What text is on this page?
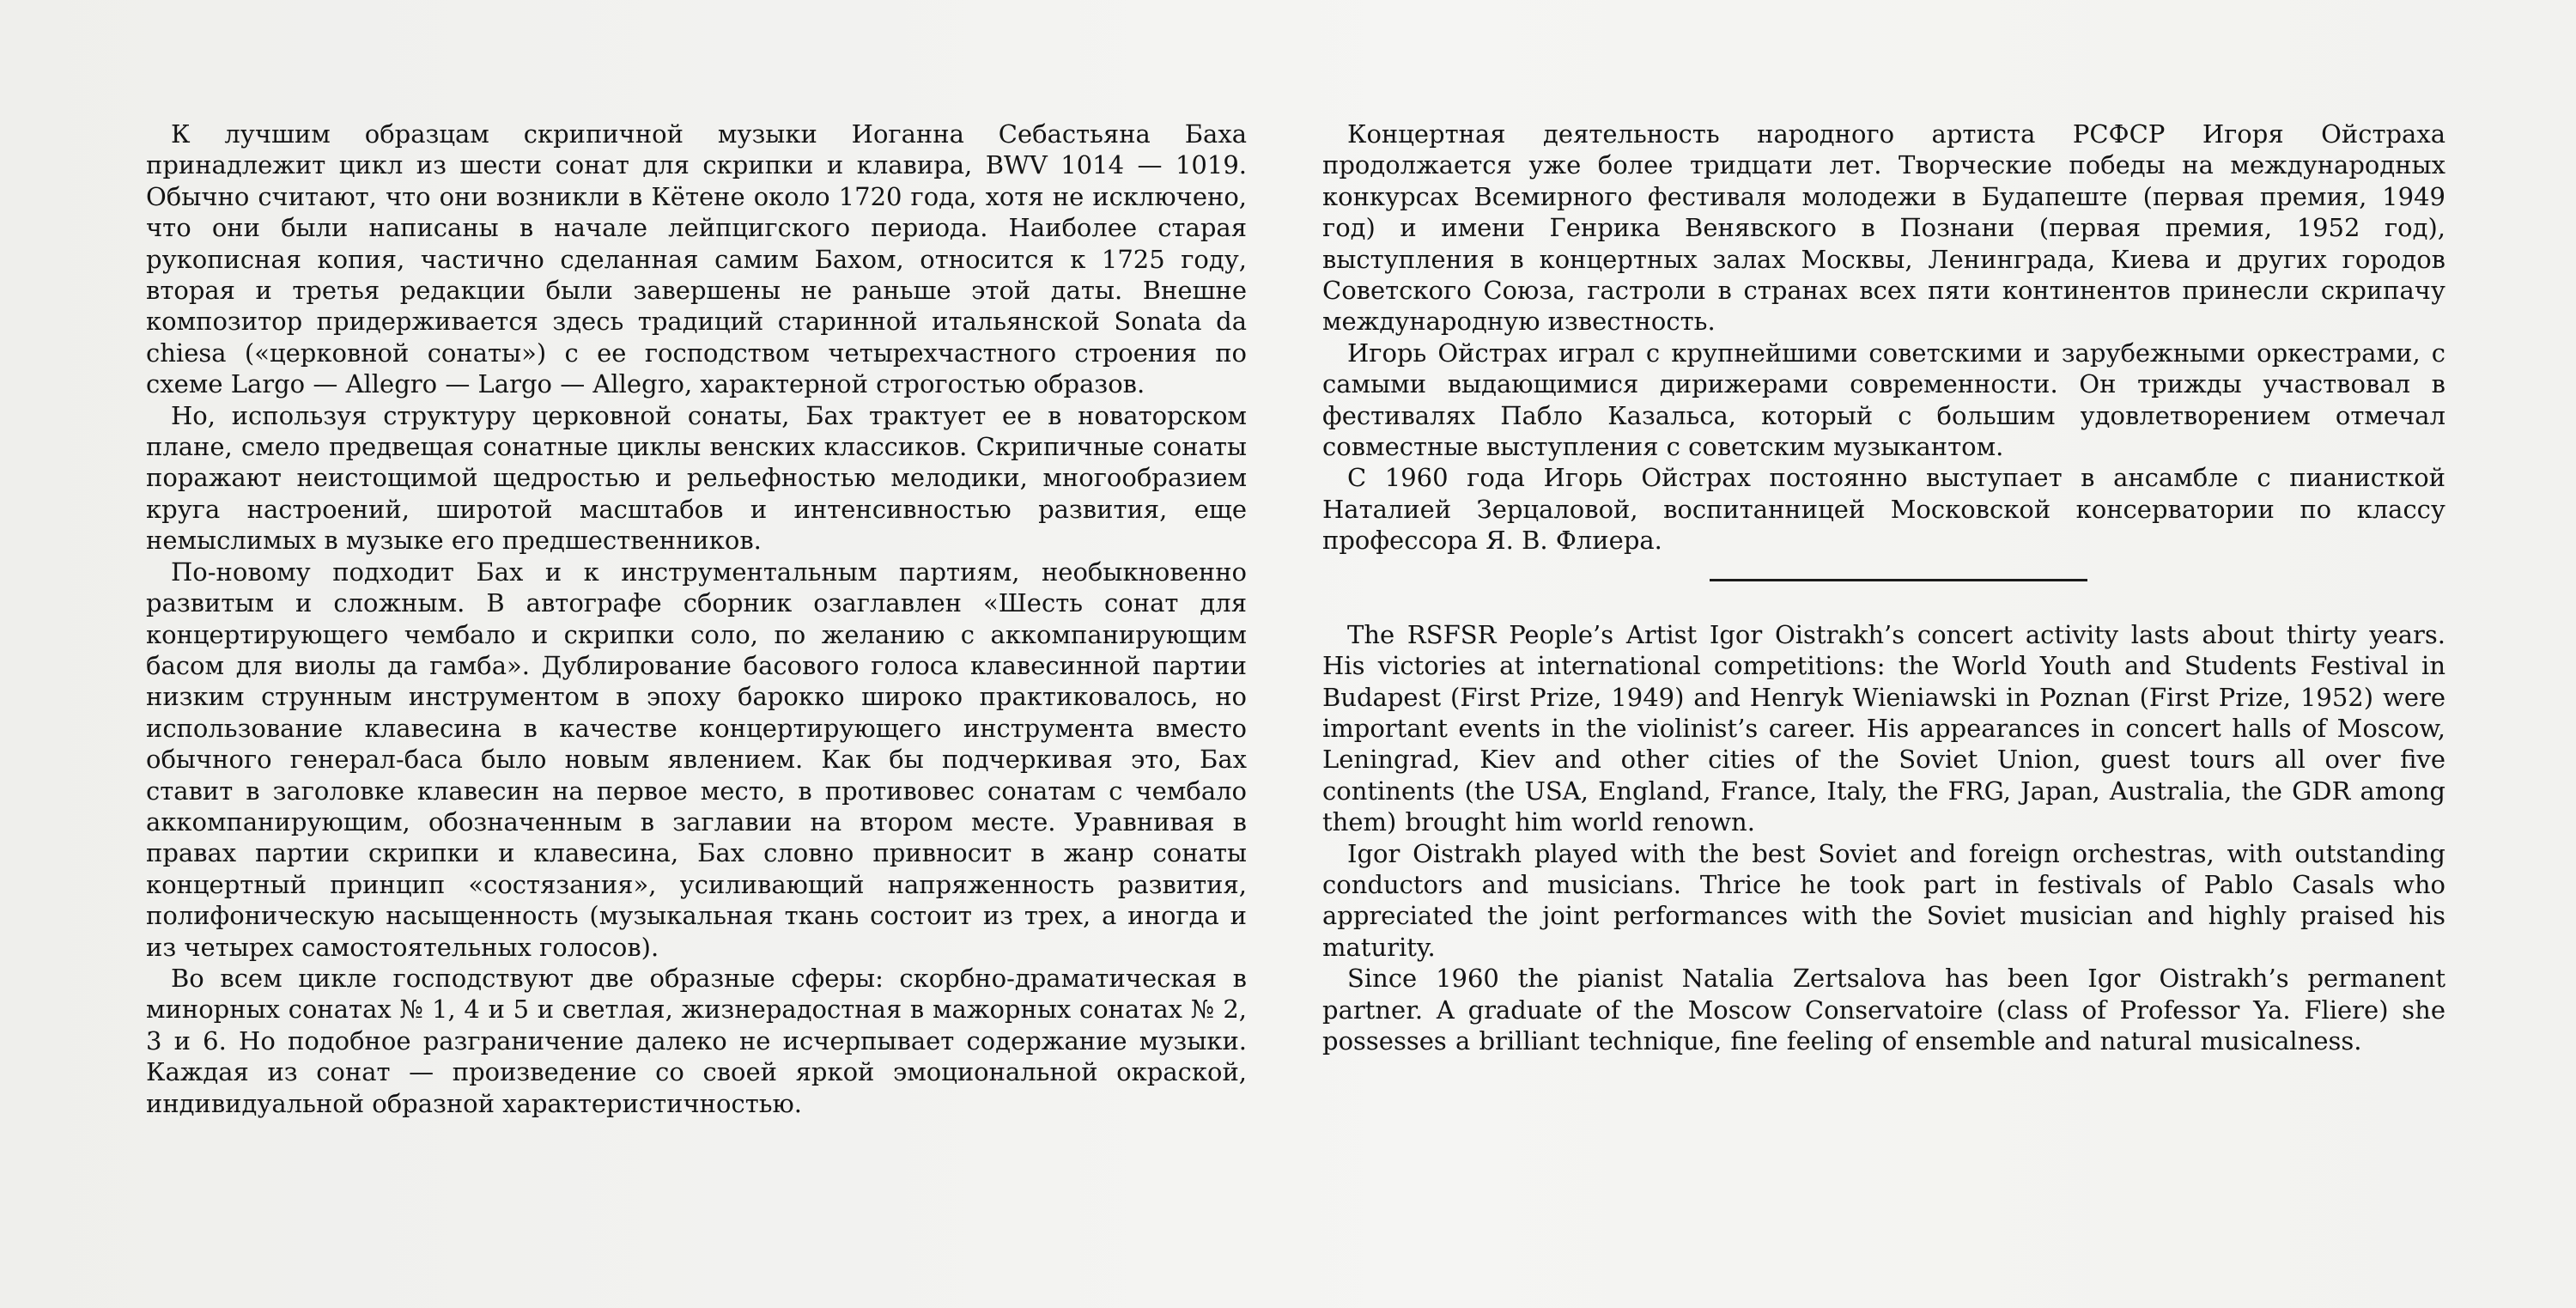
К лучшим образцам скрипичной музыки Иоганна Себастьяна Баха принадлежит цикл из шести сонат для скрипки и клавира, BWV 1014 — 1019. Обычно считают, что они возникли в Кётене около 1720 года, хотя не исключено, что они были написаны в начале лейпцигского периода. Наиболее старая рукописная копия, частично сделанная самим Бахом, относится к 1725 году, вторая и третья редакции были завершены не раньше этой даты. Внешне композитор придерживается здесь традиций старинной итальянской Sonata da chiesa («церковной сонаты») с ее господством четырехчастного строения по схеме Largo — Allegro — Largo — Allegro, характерной строгостью образов.

Но, используя структуру церковной сонаты, Бах трактует ее в новаторском плане, смело предвещая сонатные циклы венских классиков. Скрипичные сонаты поражают неистощимой щедростью и рельефностью мелодики, многообразием круга настроений, широтой масштабов и интенсивностью развития, еще немыслимых в музыке его предшественников.

По-новому подходит Бах и к инструментальным партиям, необыкновенно развитым и сложным. В автографе сборник озаглавлен «Шесть сонат для концертирующего чембало и скрипки соло, по желанию с аккомпанирующим басом для виолы да гамба». Дублирование басового голоса клавесинной партии низким струнным инструментом в эпоху барокко широко практиковалось, но использование клавесина в качестве концертирующего инструмента вместо обычного генерал-баса было новым явлением. Как бы подчеркивая это, Бах ставит в заголовке клавесин на первое место, в противовес сонатам с чембало аккомпанирующим, обозначенным в заглавии на втором месте. Уравнивая в правах партии скрипки и клавесина, Бах словно привносит в жанр сонаты концертный принцип «состязания», усиливающий напряженность развития, полифоническую насыщенность (музыкальная ткань состоит из трех, а иногда и из четырех самостоятельных голосов).

Во всем цикле господствуют две образные сферы: скорбно-драматическая в минорных сонатах № 1, 4 и 5 и светлая, жизнерадостная в мажорных сонатах № 2, 3 и 6. Но подобное разграничение далеко не исчерпывает содержание музыки. Каждая из сонат — произведение со своей яркой эмоциональной окраской, индивидуальной образной характеристичностью.

Концертная деятельность народного артиста РСФСР Игоря Ойстраха продолжается уже более тридцати лет. Творческие победы на международных конкурсах Всемирного фестиваля молодежи в Будапеште (первая премия, 1949 год) и имени Генрика Венявского в Познани (первая премия, 1952 год), выступления в концертных залах Москвы, Ленинграда, Киева и других городов Советского Союза, гастроли в странах всех пяти континентов принесли скрипачу международную известность.

Игорь Ойстрах играл с крупнейшими советскими и зарубежными оркестрами, с самыми выдающимися дирижерами современности. Он трижды участвовал в фестивалях Пабло Казальса, который с большим удовлетворением отмечал совместные выступления с советским музыкантом.

С 1960 года Игорь Ойстрах постоянно выступает в ансамбле с пианисткой Наталией Зерцаловой, воспитанницей Московской консерватории по классу профессора Я. В. Флиера.

The RSFSR People’s Artist Igor Oistrakh’s concert activity lasts about thirty years. His victories at international competitions: the World Youth and Students Festival in Budapest (First Prize, 1949) and Henryk Wieniawski in Poznan (First Prize, 1952) were important events in the violinist’s career. His appearances in concert halls of Moscow, Leningrad, Kiev and other cities of the Soviet Union, guest tours all over five continents (the USA, England, France, Italy, the FRG, Japan, Australia, the GDR among them) brought him world renown.

Igor Oistrakh played with the best Soviet and foreign orchestras, with outstanding conductors and musicians. Thrice he took part in festivals of Pablo Casals who appreciated the joint performances with the Soviet musician and highly praised his maturity.

Since 1960 the pianist Natalia Zertsalova has been Igor Oistrakh’s permanent partner. A graduate of the Moscow Conservatoire (class of Professor Ya. Fliere) she possesses a brilliant technique, fine feeling of ensemble and natural musicalness.
